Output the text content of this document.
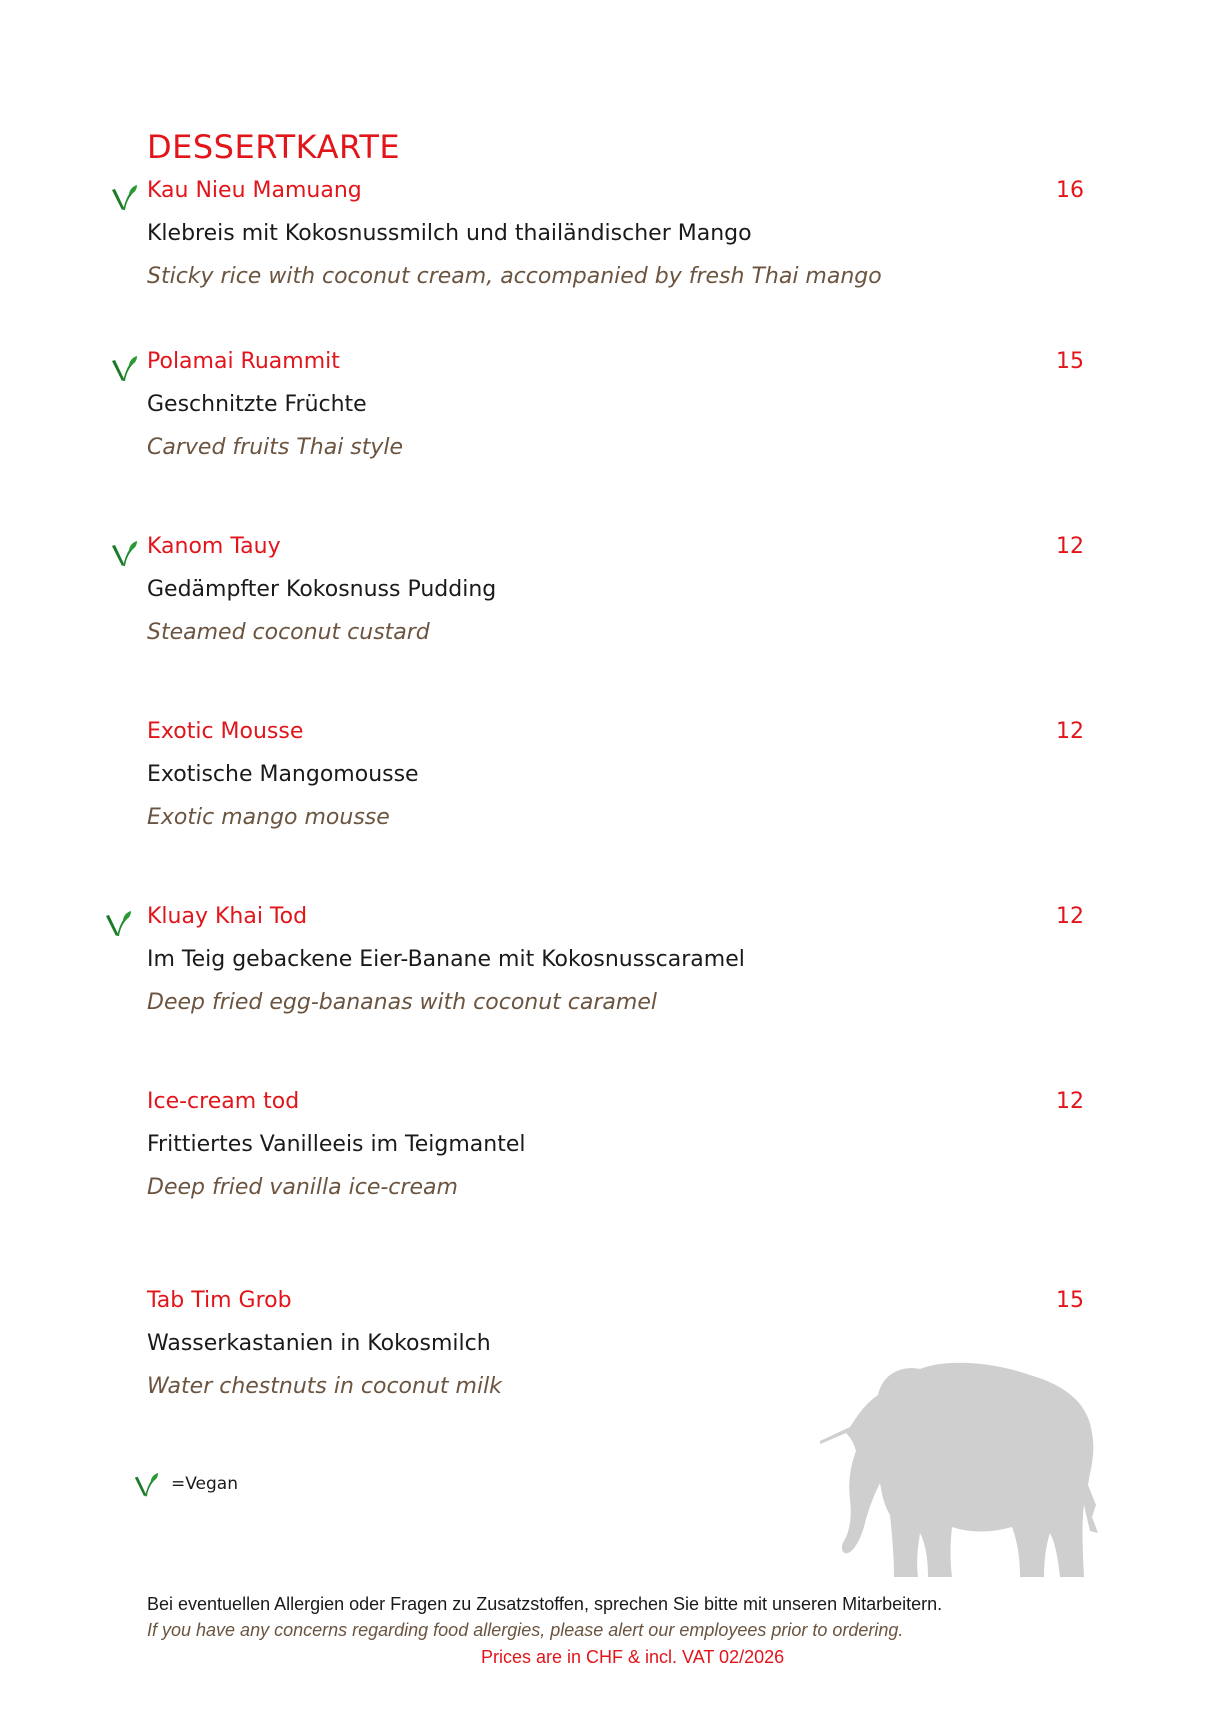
DESSERTKARTE
Kau Nieu Mamuang	16
Klebreis mit Kokosnussmilch und thailändischer Mango
Sticky rice with coconut cream, accompanied by fresh Thai mango
Polamai Ruammit	15
Geschnitzte Früchte
Carved fruits Thai style
Kanom Tauy	12
Gedämpfter Kokosnuss Pudding
Steamed coconut custard
Exotic Mousse	12
Exotische Mangomousse
Exotic mango mousse
Kluay Khai Tod	12
Im Teig gebackene Eier-Banane mit Kokosnusscaramel
Deep fried egg-bananas with coconut caramel
Ice-cream tod	12
Frittiertes Vanilleeis im Teigmantel
Deep fried vanilla ice-cream
Tab Tim Grob	15
Wasserkastanien in Kokosmilch
Water chestnuts in coconut milk
=Vegan
Bei eventuellen Allergien oder Fragen zu Zusatzstoffen, sprechen Sie bitte mit unseren Mitarbeitern.
If you have any concerns regarding food allergies, please alert our employees prior to ordering.
Prices are in CHF & incl. VAT 02/2026
